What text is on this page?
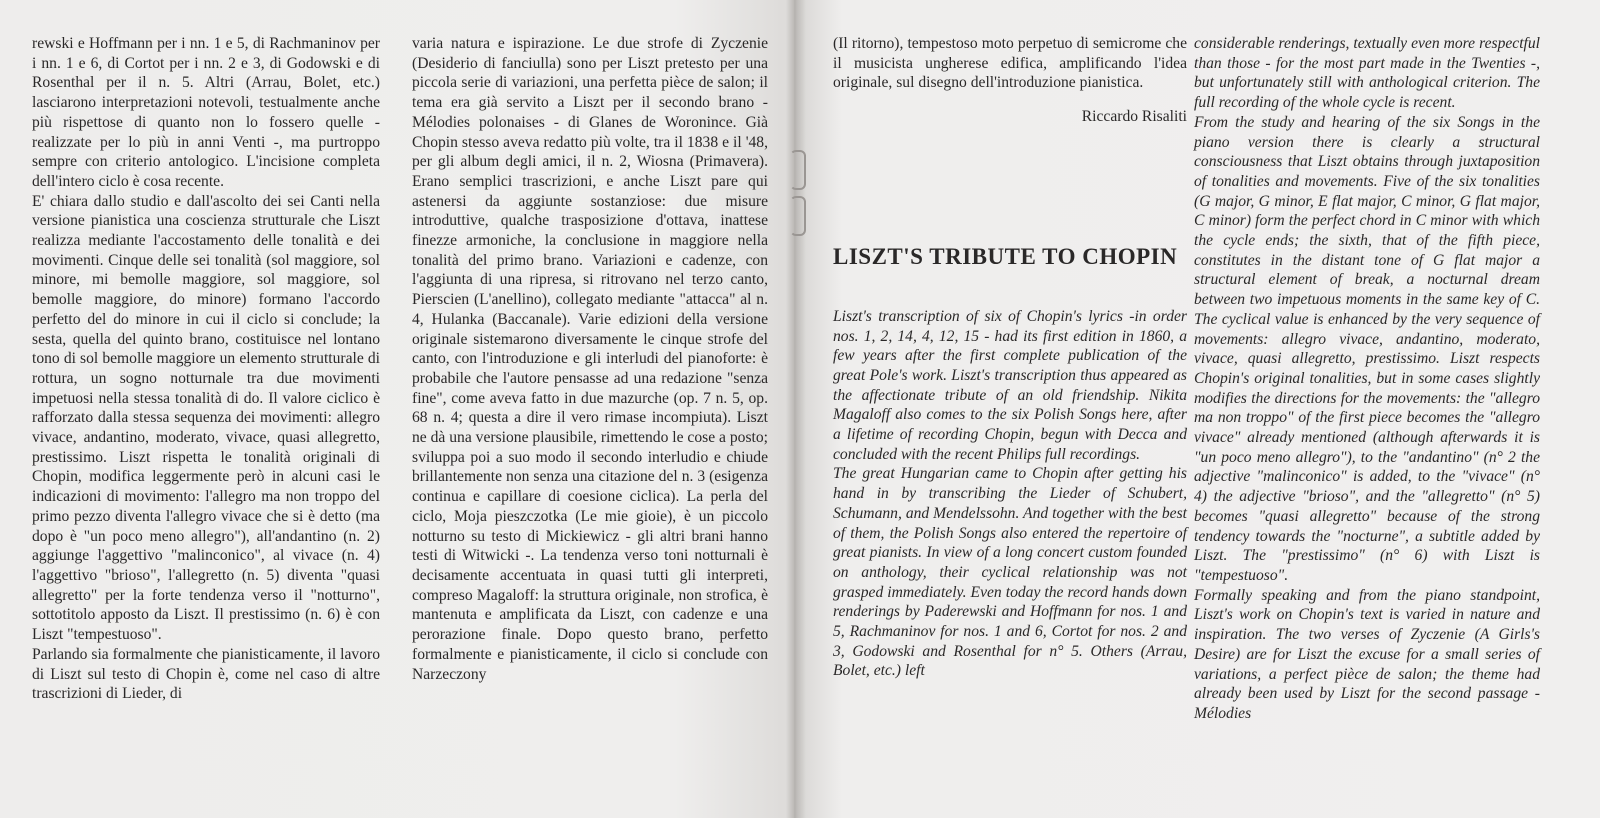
rewski e Hoffmann per i nn. 1 e 5, di Rachmaninov per i nn. 1 e 6, di Cortot per i nn. 2 e 3, di Godowski e di Rosenthal per il n. 5. Altri (Arrau, Bolet, etc.) lasciarono interpretazioni notevoli, testualmente anche più rispettose di quanto non lo fossero quelle - realizzate per lo più in anni Venti -, ma purtroppo sempre con criterio antologico. L'incisione completa dell'intero ciclo è cosa recente.

E' chiara dallo studio e dall'ascolto dei sei Canti nella versione pianistica una coscienza strutturale che Liszt realizza mediante l'accostamento delle tonalità e dei movimenti. Cinque delle sei tonalità (sol maggiore, sol minore, mi bemolle maggiore, sol maggiore, sol bemolle maggiore, do minore) formano l'accordo perfetto del do minore in cui il ciclo si conclude; la sesta, quella del quinto brano, costituisce nel lontano tono di sol bemolle maggiore un elemento strutturale di rottura, un sogno notturnale tra due movimenti impetuosi nella stessa tonalità di do. Il valore ciclico è rafforzato dalla stessa sequenza dei movimenti: allegro vivace, andantino, moderato, vivace, quasi allegretto, prestissimo. Liszt rispetta le tonalità originali di Chopin, modifica leggermente però in alcuni casi le indicazioni di movimento: l'allegro ma non troppo del primo pezzo diventa l'allegro vivace che si è detto (ma dopo è "un poco meno allegro"), all'andantino (n. 2) aggiunge l'aggettivo "malinconico", al vivace (n. 4) l'aggettivo "brioso", l'allegretto (n. 5) diventa "quasi allegretto" per la forte tendenza verso il "notturno", sottotitolo apposto da Liszt. Il prestissimo (n. 6) è con Liszt "tempestuoso".

Parlando sia formalmente che pianisticamente, il lavoro di Liszt sul testo di Chopin è, come nel caso di altre trascrizioni di Lieder, di

varia natura e ispirazione. Le due strofe di Zyczenie (Desiderio di fanciulla) sono per Liszt pretesto per una piccola serie di variazioni, una perfetta pièce de salon; il tema era già servito a Liszt per il secondo brano - Mélodies polonaises - di Glanes de Woronince. Già Chopin stesso aveva redatto più volte, tra il 1838 e il '48, per gli album degli amici, il n. 2, Wiosna (Primavera). Erano semplici trascrizioni, e anche Liszt pare qui astenersi da aggiunte sostanziose: due misure introduttive, qualche trasposizione d'ottava, inattese finezze armoniche, la conclusione in maggiore nella tonalità del primo brano. Variazioni e cadenze, con l'aggiunta di una ripresa, si ritrovano nel terzo canto, Pierscien (L'anellino), collegato mediante "attacca" al n. 4, Hulanka (Baccanale). Varie edizioni della versione originale sistemarono diversamente le cinque strofe del canto, con l'introduzione e gli interludi del pianoforte: è probabile che l'autore pensasse ad una redazione "senza fine", come aveva fatto in due mazurche (op. 7 n. 5, op. 68 n. 4; questa a dire il vero rimase incompiuta). Liszt ne dà una versione plausibile, rimettendo le cose a posto; sviluppa poi a suo modo il secondo interludio e chiude brillantemente non senza una citazione del n. 3 (esigenza continua e capillare di coesione ciclica). La perla del ciclo, Moja pieszczotka (Le mie gioie), è un piccolo notturno su testo di Mickiewicz - gli altri brani hanno testi di Witwicki -. La tendenza verso toni notturnali è decisamente accentuata in quasi tutti gli interpreti, compreso Magaloff: la struttura originale, non strofica, è mantenuta e amplificata da Liszt, con cadenze e una perorazione finale. Dopo questo brano, perfetto formalmente e pianisticamente, il ciclo si conclude con Narzeczony

(Il ritorno), tempestoso moto perpetuo di semicrome che il musicista ungherese edifica, amplificando l'idea originale, sul disegno dell'introduzione pianistica.

Riccardo Risaliti

LISZT'S TRIBUTE TO CHOPIN

Liszt's transcription of six of Chopin's lyrics -in order nos. 1, 2, 14, 4, 12, 15 - had its first edition in 1860, a few years after the first complete publication of the great Pole's work. Liszt's transcription thus appeared as the affectionate tribute of an old friendship. Nikita Magaloff also comes to the six Polish Songs here, after a lifetime of recording Chopin, begun with Decca and concluded with the recent Philips full recordings.

The great Hungarian came to Chopin after getting his hand in by transcribing the Lieder of Schubert, Schumann, and Mendelssohn. And together with the best of them, the Polish Songs also entered the repertoire of great pianists. In view of a long concert custom founded on anthology, their cyclical relationship was not grasped immediately. Even today the record hands down renderings by Paderewski and Hoffmann for nos. 1 and 5, Rachmaninov for nos. 1 and 6, Cortot for nos. 2 and 3, Godowski and Rosenthal for n° 5. Others (Arrau, Bolet, etc.) left

considerable renderings, textually even more respectful than those - for the most part made in the Twenties -, but unfortunately still with anthological criterion. The full recording of the whole cycle is recent.

From the study and hearing of the six Songs in the piano version there is clearly a structural consciousness that Liszt obtains through juxtaposition of tonalities and movements. Five of the six tonalities (G major, G minor, E flat major, C minor, G flat major, C minor) form the perfect chord in C minor with which the cycle ends; the sixth, that of the fifth piece, constitutes in the distant tone of G flat major a structural element of break, a nocturnal dream between two impetuous moments in the same key of C. The cyclical value is enhanced by the very sequence of movements: allegro vivace, andantino, moderato, vivace, quasi allegretto, prestissimo. Liszt respects Chopin's original tonalities, but in some cases slightly modifies the directions for the movements: the "allegro ma non troppo" of the first piece becomes the "allegro vivace" already mentioned (although afterwards it is "un poco meno allegro"), to the "andantino" (n° 2 the adjective "malinconico" is added, to the "vivace" (n° 4) the adjective "brioso", and the "allegretto" (n° 5) becomes "quasi allegretto" because of the strong tendency towards the "nocturne", a subtitle added by Liszt. The "prestissimo" (n° 6) with Liszt is "tempestuoso".

Formally speaking and from the piano standpoint, Liszt's work on Chopin's text is varied in nature and inspiration. The two verses of Zyczenie (A Girls's Desire) are for Liszt the excuse for a small series of variations, a perfect pièce de salon; the theme had already been used by Liszt for the second passage - Mélodies
